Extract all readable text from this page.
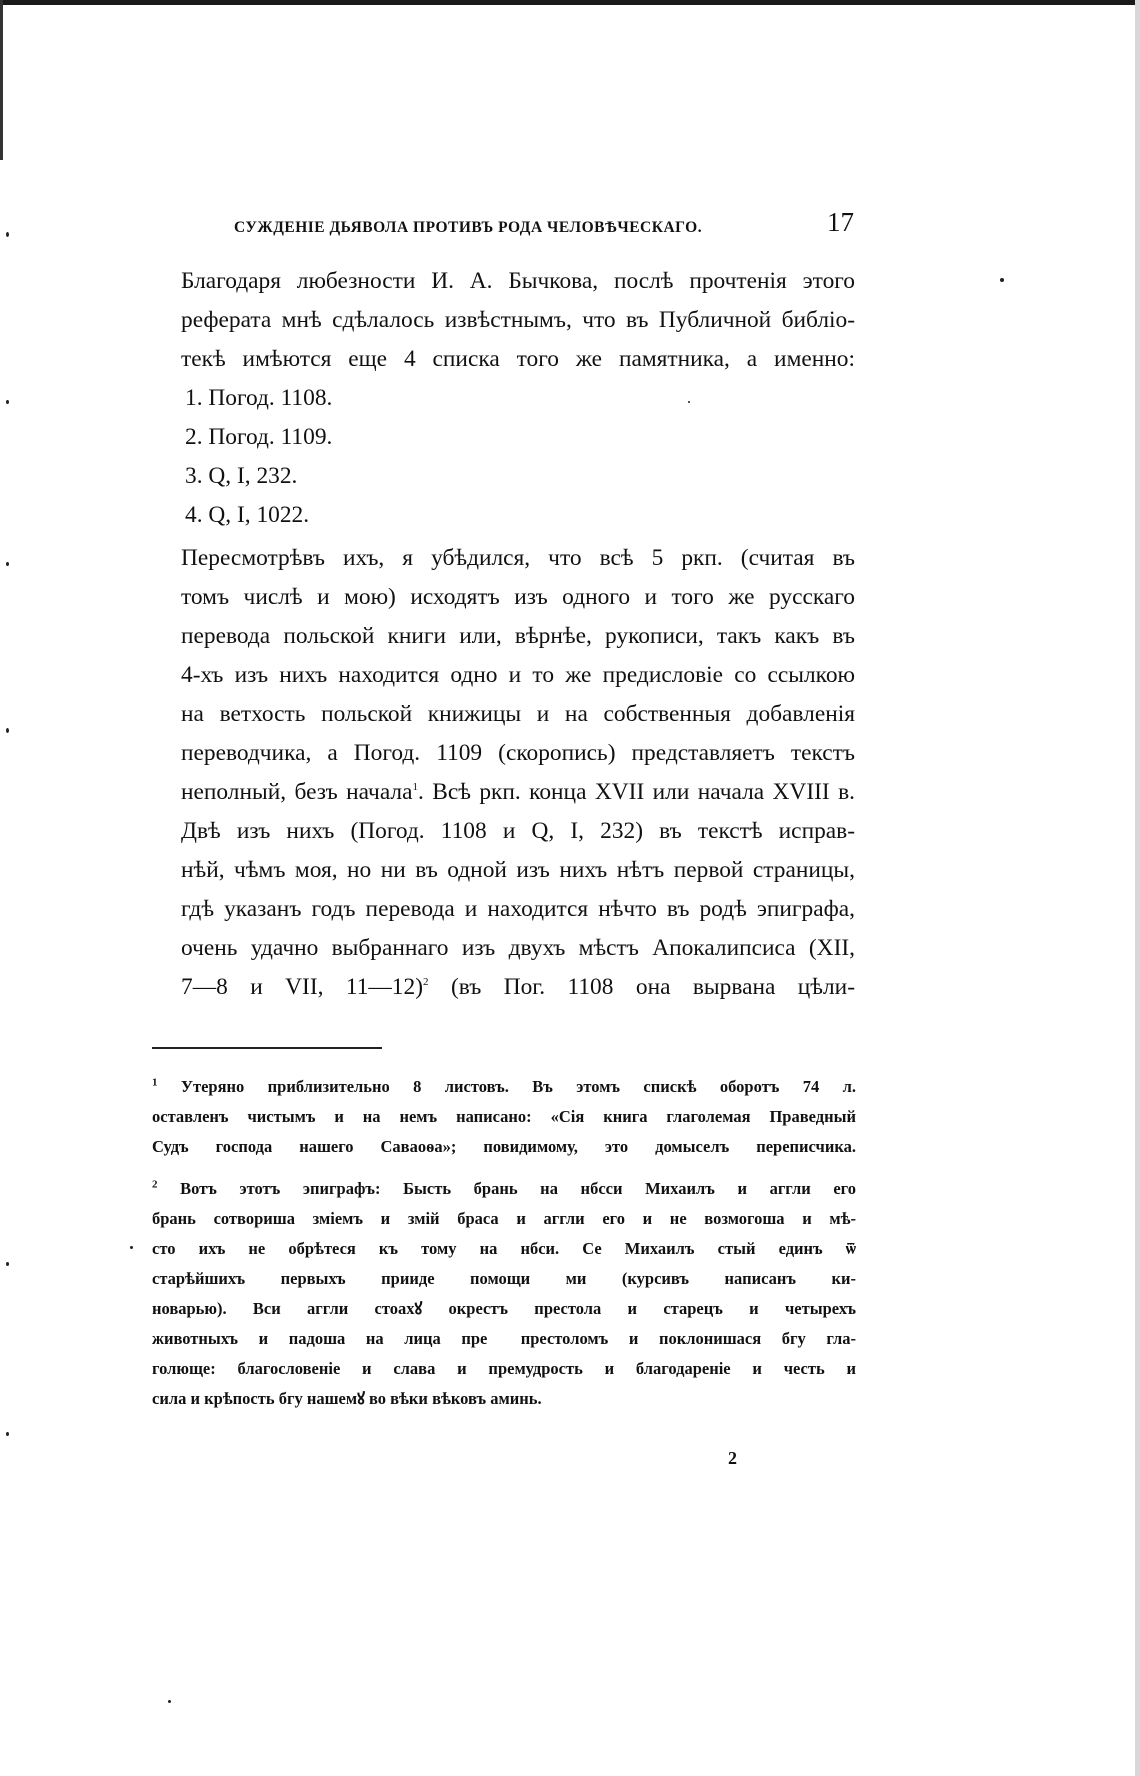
СУЖДЕНІЕ ДЬЯВОЛА ПРОТИВЪ РОДА ЧЕЛОВѢЧЕСКАГО.	17
Благодаря любезности И. А. Бычкова, послѣ прочтенія этого
реферата мнѣ сдѣлалось извѣстнымъ, что въ Публичной библіо-
текѣ имѣются еще 4 списка того же памятника, а именно:
1. Погод. 1108.
2. Погод. 1109.
3. Q, I, 232.
4. Q, I, 1022.
Пересмотрѣвъ ихъ, я убѣдился, что всѣ 5 ркп. (считая въ
томъ числѣ и мою) исходятъ изъ одного и того же русскаго
перевода польской книги или, вѣрнѣе, рукописи, такъ какъ въ
4-хъ изъ нихъ находится одно и то же предисловіе со ссылкою
на ветхость польской книжицы и на собственныя добавленія
переводчика, а Погод. 1109 (скоропись) представляетъ текстъ
неполный, безъ начала$^1$. Всѣ ркп. конца XVII или начала XVIII в.
Двѣ изъ нихъ (Погод. 1108 и Q, I, 232) въ текстѣ исправ-
нѣй, чѣмъ моя, но ни въ одной изъ нихъ нѣтъ первой страницы,
гдѣ указанъ годъ перевода и находится нѣчто въ родѣ эпиграфа,
очень удачно выбраннаго изъ двухъ мѣстъ Апокалипсиса (XII,
7—8 и VII, 11—12)$^2$ (въ Пог. 1108 она вырвана цѣли-
$^1$ Утеряно приблизительно 8 листовъ. Въ этомъ спискѣ оборотъ 74 л.
оставленъ чистымъ и на немъ написано: «Сія книга глаголемая Праведный
Судъ господа нашего Саваоѳа»; повидимому, это домыселъ переписчика.
$^2$ Вотъ этотъ эпиграфъ: Бысть брань на нбсси Михаилъ и аггли его
брань сотвориша зміемъ и змій браса и аггли его и не возмогоша и мѣ-
сто ихъ не обрѣтеся къ тому на нбси. Се Михаилъ стый единъ ѿ
старѣйшихъ первыхъ прииде помощи ми (курсивъ написанъ ки-
новарью). Вси аггли стоахꙋ окрестъ престола и старецъ и четырехъ
животныхъ и падоша на лица преⷣ престоломъ и поклонишася бгу гла-
голюще: благословеніе и слава и премудрость и благодареніе и честь и
сила и крѣпость бгу нашемꙋ во вѣки вѣковъ аминь.
2
